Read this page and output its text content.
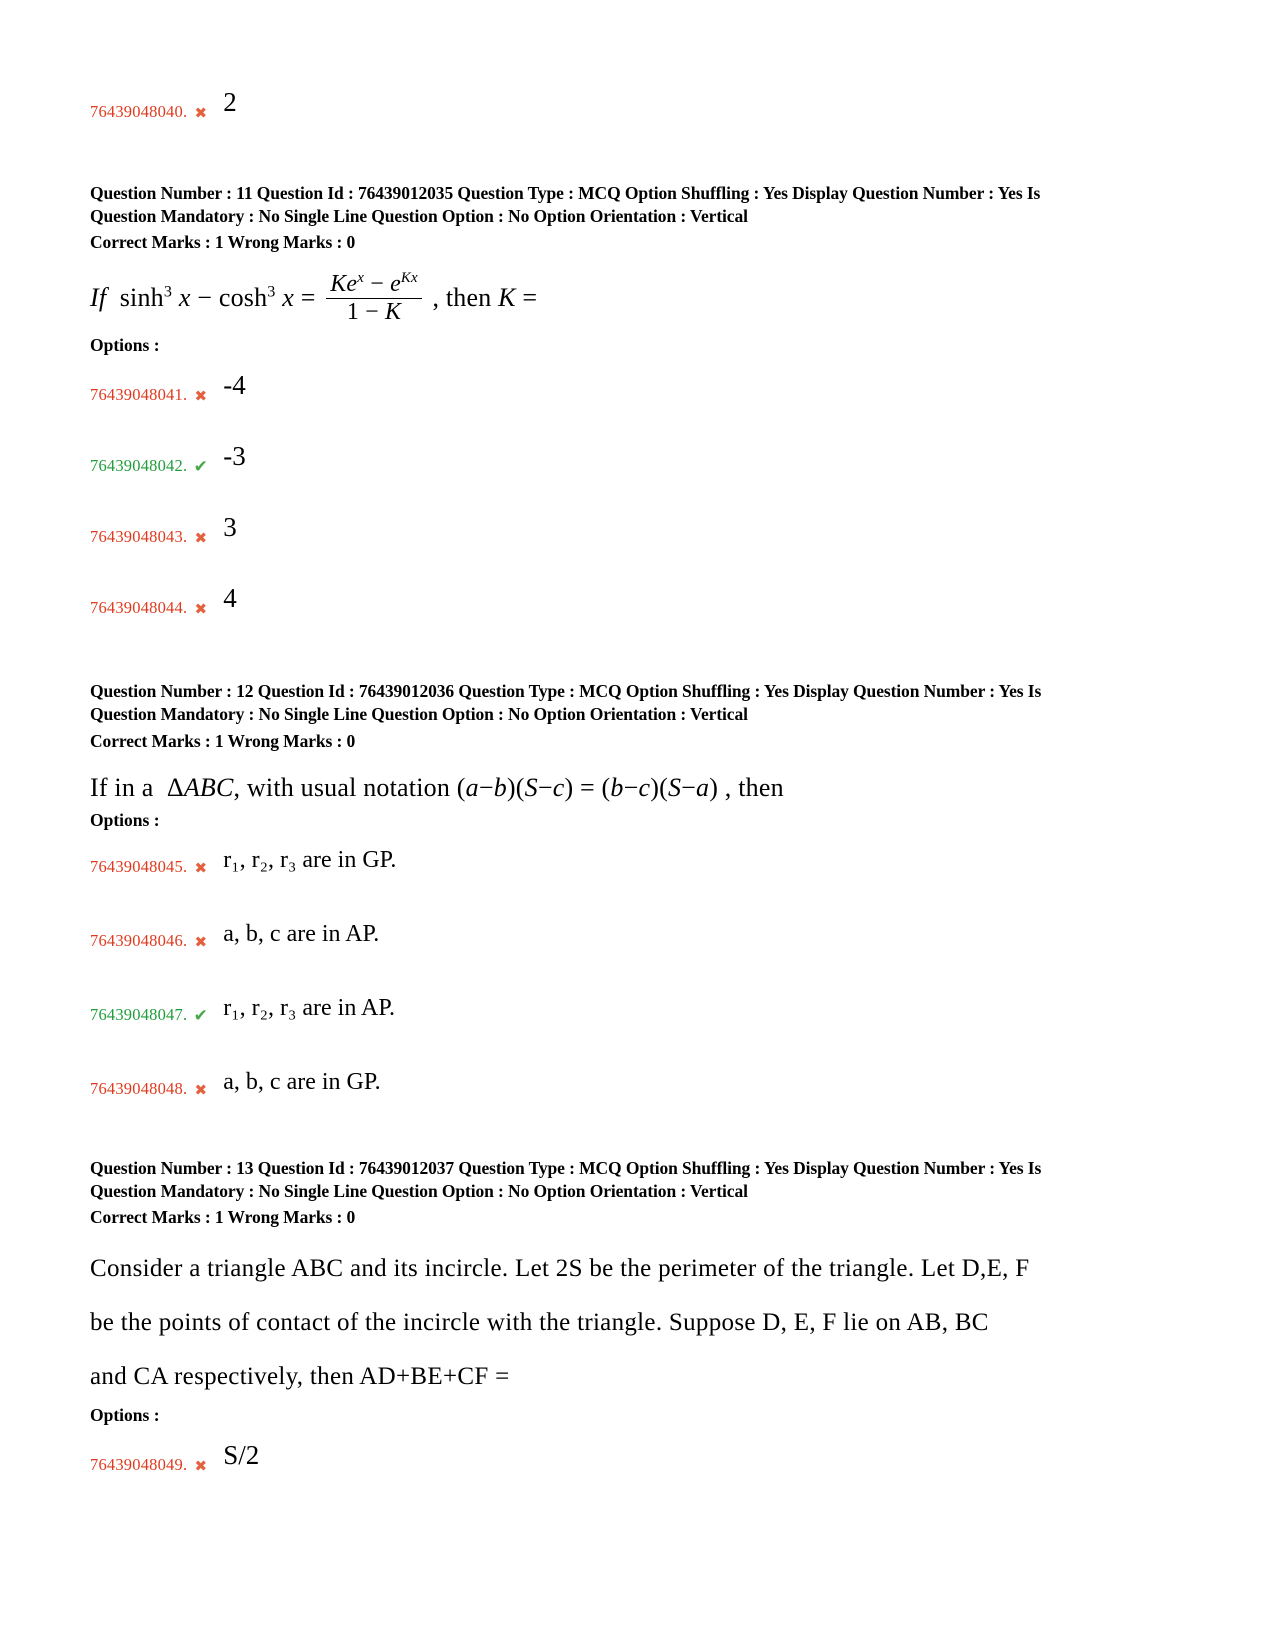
76439048040. ✖ 2
Question Number : 11 Question Id : 76439012035 Question Type : MCQ Option Shuffling : Yes Display Question Number : Yes Is
Question Mandatory : No Single Line Question Option : No Option Orientation : Vertical
Correct Marks : 1 Wrong Marks : 0
If  $\sinh^3 x - \cosh^3 x = \frac{Ke^x - e^{Kx}}{1 - K}$ , then K =
Options :
76439048041. ✖ -4
76439048042. ✔ -3
76439048043. ✖ 3
76439048044. ✖ 4
Question Number : 12 Question Id : 76439012036 Question Type : MCQ Option Shuffling : Yes Display Question Number : Yes Is
Question Mandatory : No Single Line Question Option : No Option Orientation : Vertical
Correct Marks : 1 Wrong Marks : 0
If in a  ΔABC, with usual notation (a−b)(S−c) = (b−c)(S−a) , then
Options :
76439048045. ✖ r₁, r₂, r₃ are in GP.
76439048046. ✖ a, b, c are in AP.
76439048047. ✔ r₁, r₂, r₃ are in AP.
76439048048. ✖ a, b, c are in GP.
Question Number : 13 Question Id : 76439012037 Question Type : MCQ Option Shuffling : Yes Display Question Number : Yes Is
Question Mandatory : No Single Line Question Option : No Option Orientation : Vertical
Correct Marks : 1 Wrong Marks : 0
Consider a triangle ABC and its incircle. Let 2S be the perimeter of the triangle. Let D,E, F
be the points of contact of the incircle with the triangle. Suppose D, E, F lie on AB, BC
and CA respectively, then AD+BE+CF =
Options :
76439048049. ✖ S/2
